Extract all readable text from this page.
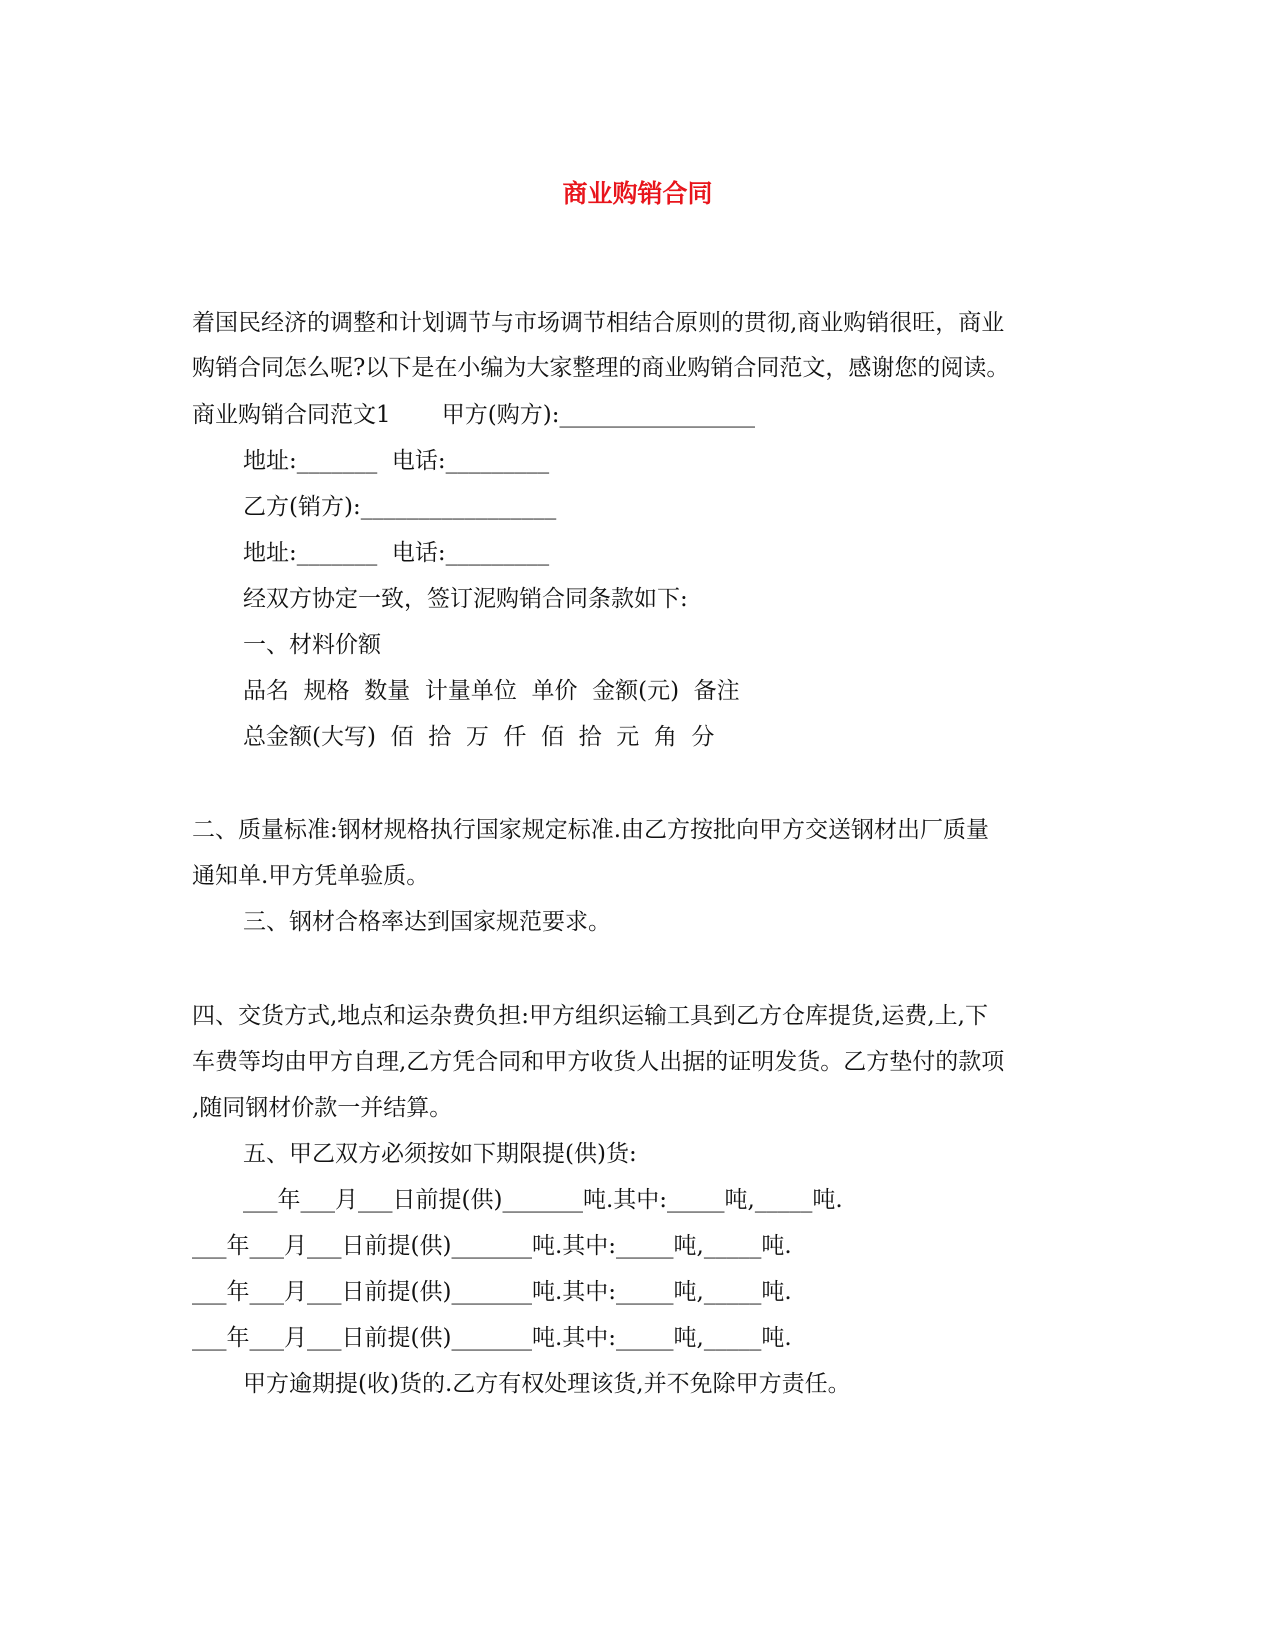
商业购销合同
着国民经济的调整和计划调节与市场调节相结合原则的贯彻,商业购销很旺，商业
购销合同怎么呢?以下是在小编为大家整理的商业购销合同范文，感谢您的阅读。
商业购销合同范文1       甲方(购方):_________________
地址:_______  电话:_________
乙方(销方):_________________
地址:_______  电话:_________
经双方协定一致，签订泥购销合同条款如下:
一、材料价额
品名  规格  数量  计量单位  单价  金额(元)  备注
总金额(大写)  佰  拾  万  仟  佰  拾  元  角  分
二、质量标准:钢材规格执行国家规定标准.由乙方按批向甲方交送钢材出厂质量
通知单.甲方凭单验质。
三、钢材合格率达到国家规范要求。
四、交货方式,地点和运杂费负担:甲方组织运输工具到乙方仓库提货,运费,上,下
车费等均由甲方自理,乙方凭合同和甲方收货人出据的证明发货。乙方垫付的款项
,随同钢材价款一并结算。
五、甲乙双方必须按如下期限提(供)货:
___年___月___日前提(供)_______吨.其中:_____吨,_____吨.
___年___月___日前提(供)_______吨.其中:_____吨,_____吨.
___年___月___日前提(供)_______吨.其中:_____吨,_____吨.
___年___月___日前提(供)_______吨.其中:_____吨,_____吨.
甲方逾期提(收)货的.乙方有权处理该货,并不免除甲方责任。
